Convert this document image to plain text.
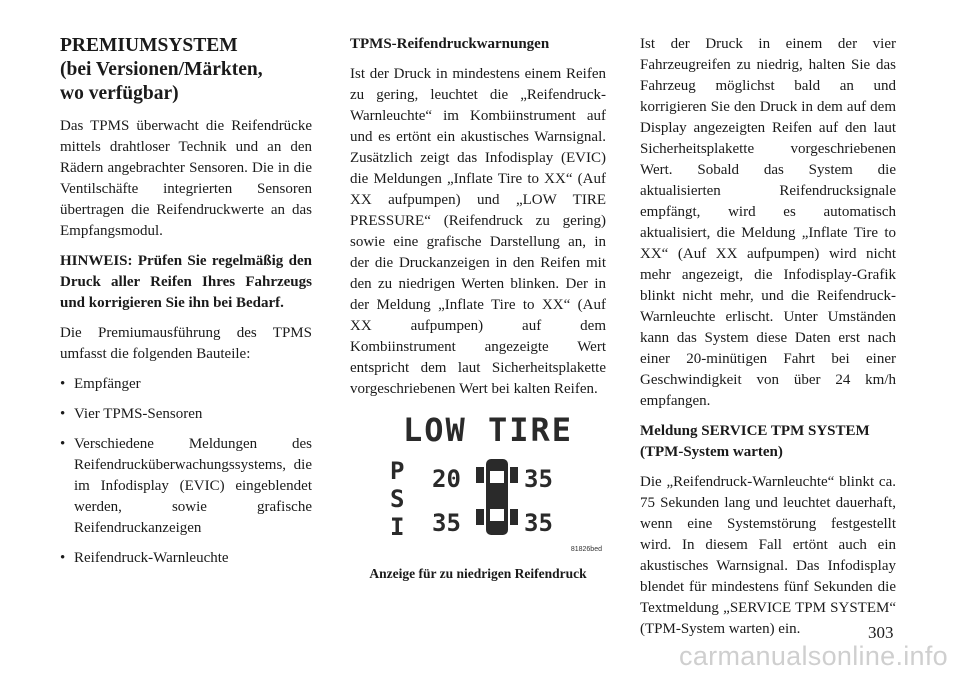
PREMIUMSYSTEM
(bei Versionen/Märkten,
wo verfügbar)

Das TPMS überwacht die Reifendrücke mittels drahtloser Technik und an den Rädern angebrachter Sensoren. Die in die Ventilschäfte integrierten Sensoren übertragen die Reifendruckwerte an das Empfangsmodul.

HINWEIS: Prüfen Sie regelmäßig den Druck aller Reifen Ihres Fahrzeugs und korrigieren Sie ihn bei Bedarf.

Die Premiumausführung des TPMS umfasst die folgenden Bauteile:

• Empfänger
• Vier TPMS-Sensoren
• Verschiedene Meldungen des Reifendrucküberwachungssystems, die im Infodisplay (EVIC) eingeblendet werden, sowie grafische Reifendruckanzeigen
• Reifendruck-Warnleuchte
TPMS-Reifendruckwarnungen

Ist der Druck in mindestens einem Reifen zu gering, leuchtet die „Reifendruck-Warnleuchte“ im Kombiinstrument auf und es ertönt ein akustisches Warnsignal. Zusätzlich zeigt das Infodisplay (EVIC) die Meldungen „Inflate Tire to XX“ (Auf XX aufpumpen) und „LOW TIRE PRESSURE“ (Reifendruck zu gering) sowie eine grafische Darstellung an, in der die Druckanzeigen in den Reifen mit den zu niedrigen Werten blinken. Der in der Meldung „Inflate Tire to XX“ (Auf XX aufpumpen) auf dem Kombiinstrument angezeigte Wert entspricht dem laut Sicherheitsplakette vorgeschriebenen Wert bei kalten Reifen.

LOW TIRE
P
S
I
20	35
35	35
81826bed
Anzeige für zu niedrigen Reifendruck

Ist der Druck in einem der vier Fahrzeugreifen zu niedrig, halten Sie das Fahrzeug möglichst bald an und korrigieren Sie den Druck in dem auf dem Display angezeigten Reifen auf den laut Sicherheitsplakette vorgeschriebenen Wert. Sobald das System die aktualisierten Reifendrucksignale empfängt, wird es automatisch aktualisiert, die Meldung „Inflate Tire to XX“ (Auf XX aufpumpen) wird nicht mehr angezeigt, die Infodisplay-Grafik blinkt nicht mehr, und die Reifendruck-Warnleuchte erlischt. Unter Umständen kann das System diese Daten erst nach einer 20-minütigen Fahrt bei einer Geschwindigkeit von über 24 km/h empfangen.

Meldung SERVICE TPM SYSTEM (TPM-System warten)

Die „Reifendruck-Warnleuchte“ blinkt ca. 75 Sekunden lang und leuchtet dauerhaft, wenn eine Systemstörung festgestellt wird. In diesem Fall ertönt auch ein akustisches Warnsignal. Das Infodisplay blendet für mindestens fünf Sekunden die Textmeldung „SERVICE TPM SYSTEM“ (TPM-System warten) ein.	303
carmanualsonline.info
